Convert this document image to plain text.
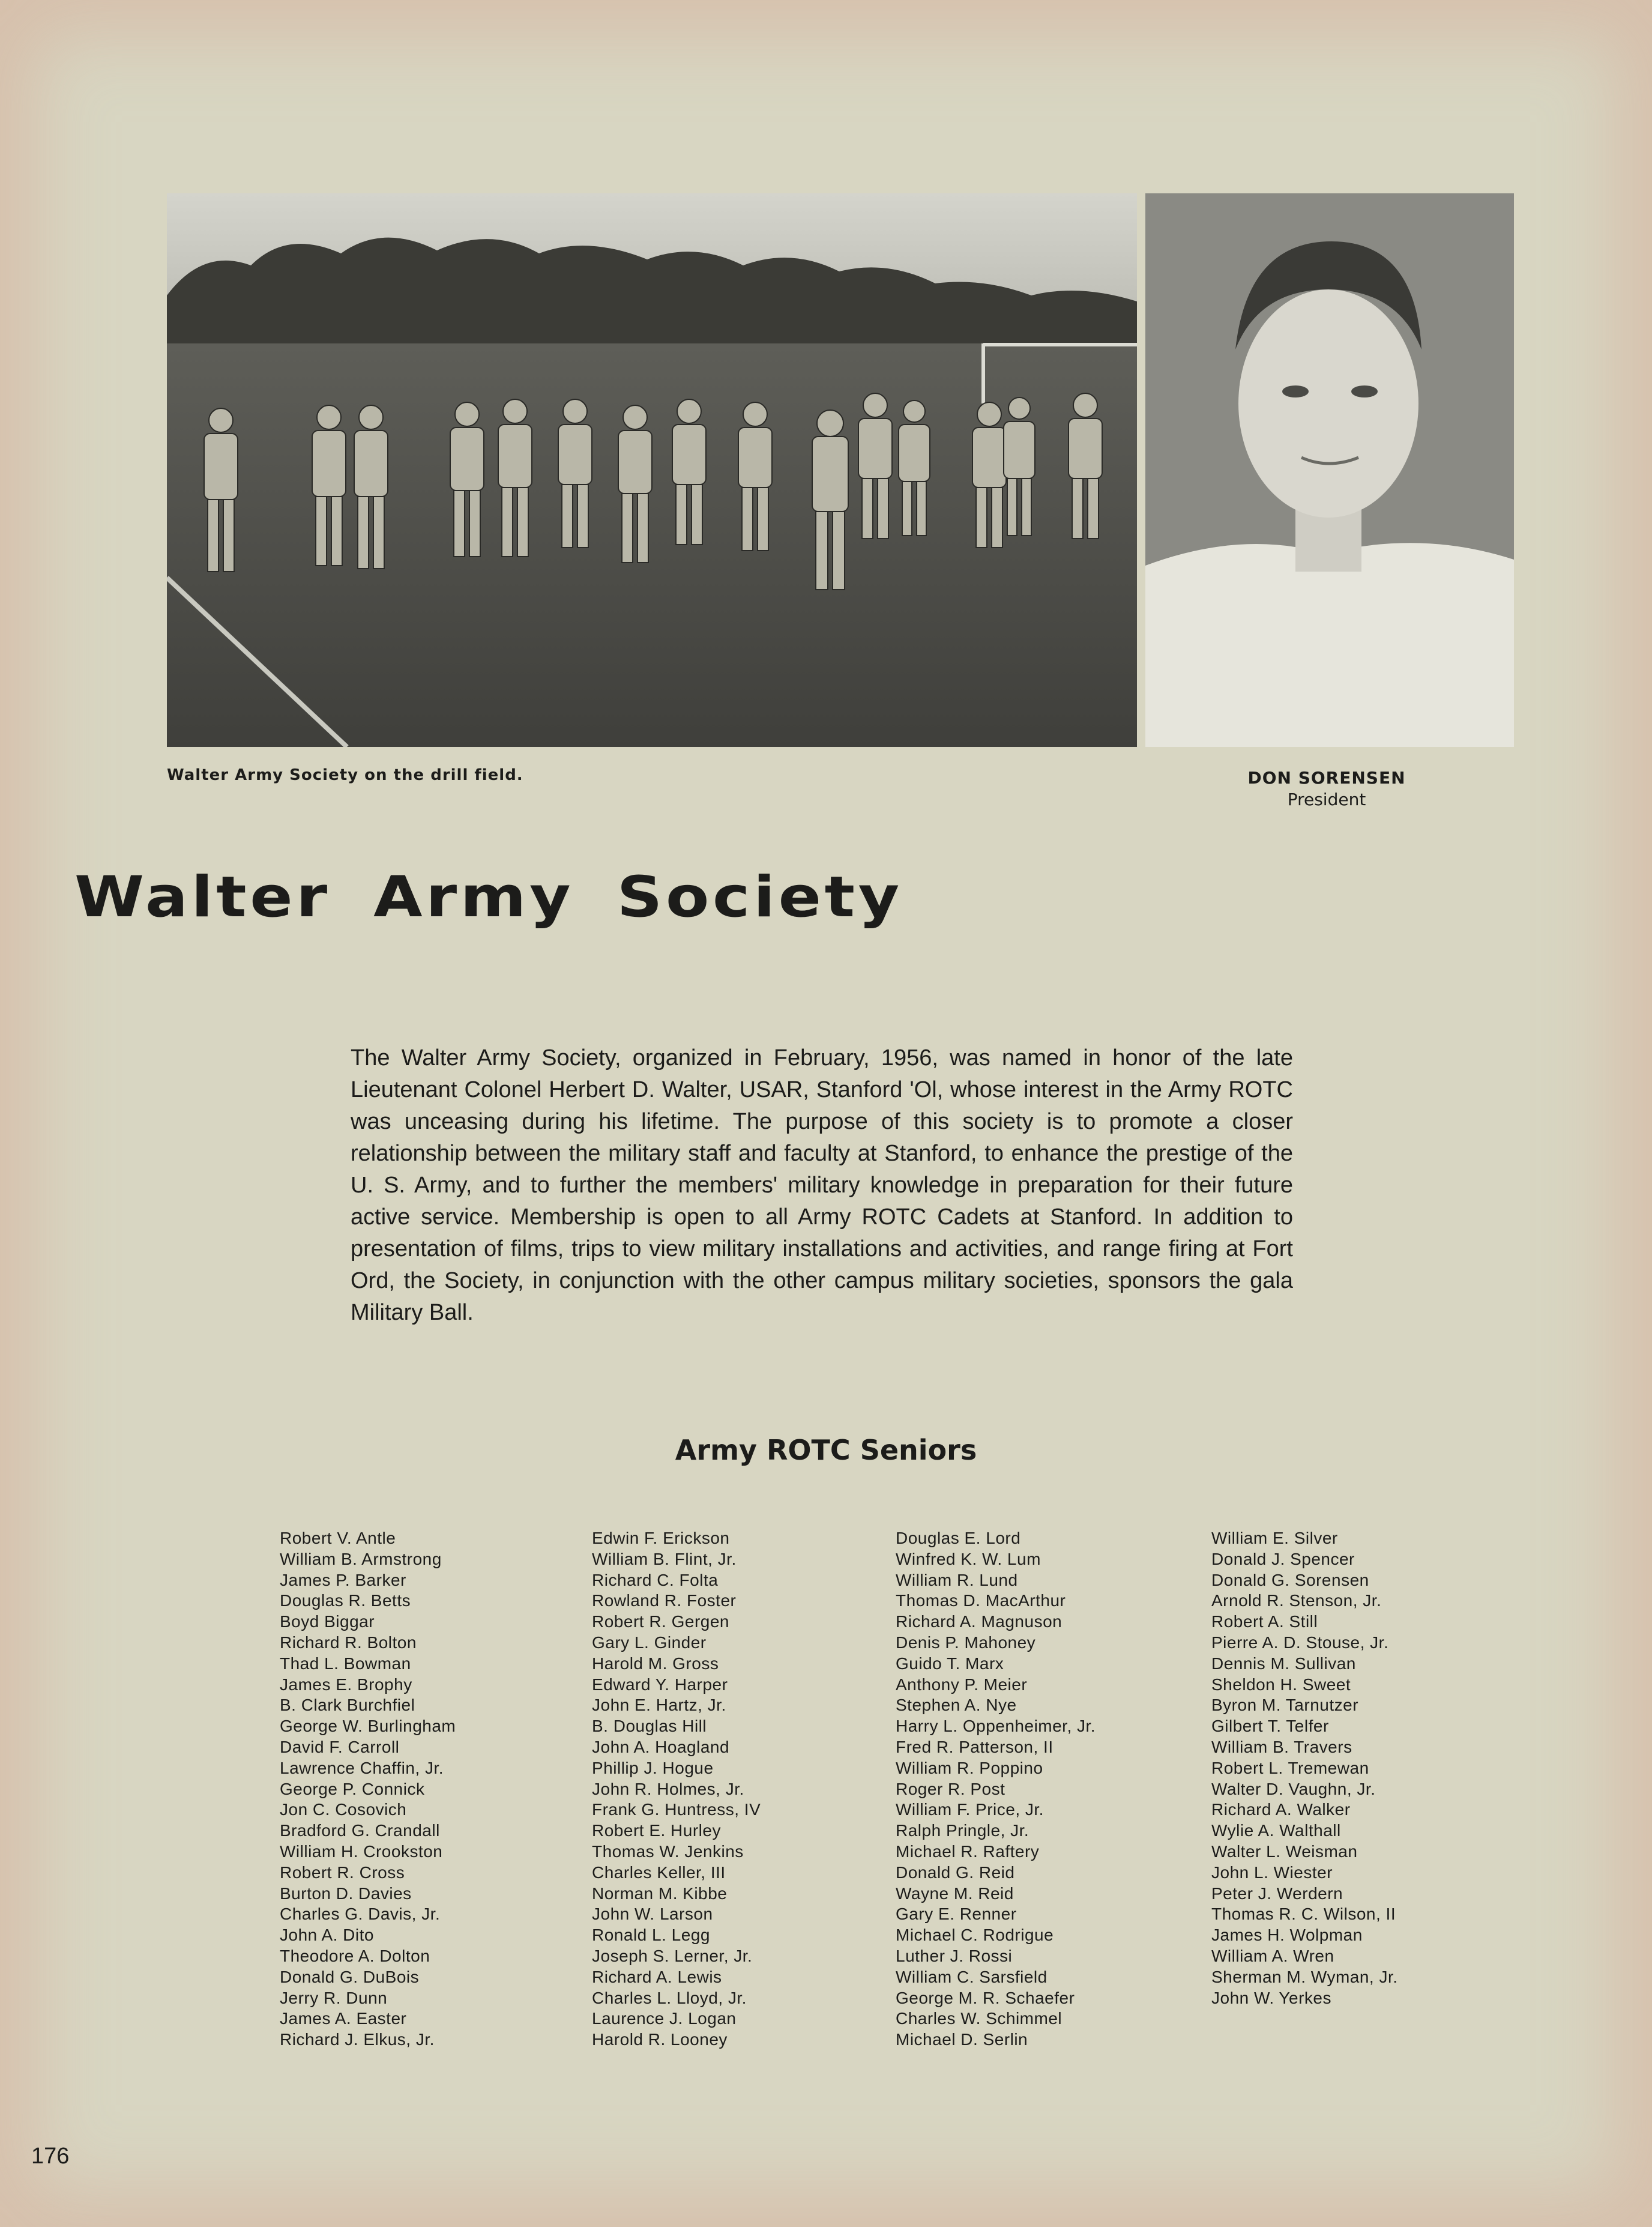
Walter Army Society on the drill field.	DON SORENSEN
President
Walter Army Society

The Walter Army Society, organized in February, 1956, was named in honor of the late Lieutenant Colonel Herbert D. Walter, USAR, Stanford 'Ol, whose interest in the Army ROTC was unceasing during his lifetime. The purpose of this society is to promote a closer relationship between the military staff and faculty at Stanford, to enhance the prestige of the U. S. Army, and to further the members' military knowledge in preparation for their future active service. Membership is open to all Army ROTC Cadets at Stanford. In addition to presentation of films, trips to view military installations and activities, and range firing at Fort Ord, the Society, in conjunction with the other campus military societies, sponsors the gala Military Ball.

Army ROTC Seniors
Robert V. Antle
William B. Armstrong
James P. Barker
Douglas R. Betts
Boyd Biggar
Richard R. Bolton
Thad L. Bowman
James E. Brophy
B. Clark Burchfiel
George W. Burlingham
David F. Carroll
Lawrence Chaffin, Jr.
George P. Connick
Jon C. Cosovich
Bradford G. Crandall
William H. Crookston
Robert R. Cross
Burton D. Davies
Charles G. Davis, Jr.
John A. Dito
Theodore A. Dolton
Donald G. DuBois
Jerry R. Dunn
James A. Easter
Richard J. Elkus, Jr.
Edwin F. Erickson
William B. Flint, Jr.
Richard C. Folta
Rowland R. Foster
Robert R. Gergen
Gary L. Ginder
Harold M. Gross
Edward Y. Harper
John E. Hartz, Jr.
B. Douglas Hill
John A. Hoagland
Phillip J. Hogue
John R. Holmes, Jr.
Frank G. Huntress, IV
Robert E. Hurley
Thomas W. Jenkins
Charles Keller, III
Norman M. Kibbe
John W. Larson
Ronald L. Legg
Joseph S. Lerner, Jr.
Richard A. Lewis
Charles L. Lloyd, Jr.
Laurence J. Logan
Harold R. Looney
Douglas E. Lord
Winfred K. W. Lum
William R. Lund
Thomas D. MacArthur
Richard A. Magnuson
Denis P. Mahoney
Guido T. Marx
Anthony P. Meier
Stephen A. Nye
Harry L. Oppenheimer, Jr.
Fred R. Patterson, II
William R. Poppino
Roger R. Post
William F. Price, Jr.
Ralph Pringle, Jr.
Michael R. Raftery
Donald G. Reid
Wayne M. Reid
Gary E. Renner
Michael C. Rodrigue
Luther J. Rossi
William C. Sarsfield
George M. R. Schaefer
Charles W. Schimmel
Michael D. Serlin
William E. Silver
Donald J. Spencer
Donald G. Sorensen
Arnold R. Stenson, Jr.
Robert A. Still
Pierre A. D. Stouse, Jr.
Dennis M. Sullivan
Sheldon H. Sweet
Byron M. Tarnutzer
Gilbert T. Telfer
William B. Travers
Robert L. Tremewan
Walter D. Vaughn, Jr.
Richard A. Walker
Wylie A. Walthall
Walter L. Weisman
John L. Wiester
Peter J. Werdern
Thomas R. C. Wilson, II
James H. Wolpman
William A. Wren
Sherman M. Wyman, Jr.
John W. Yerkes
176
